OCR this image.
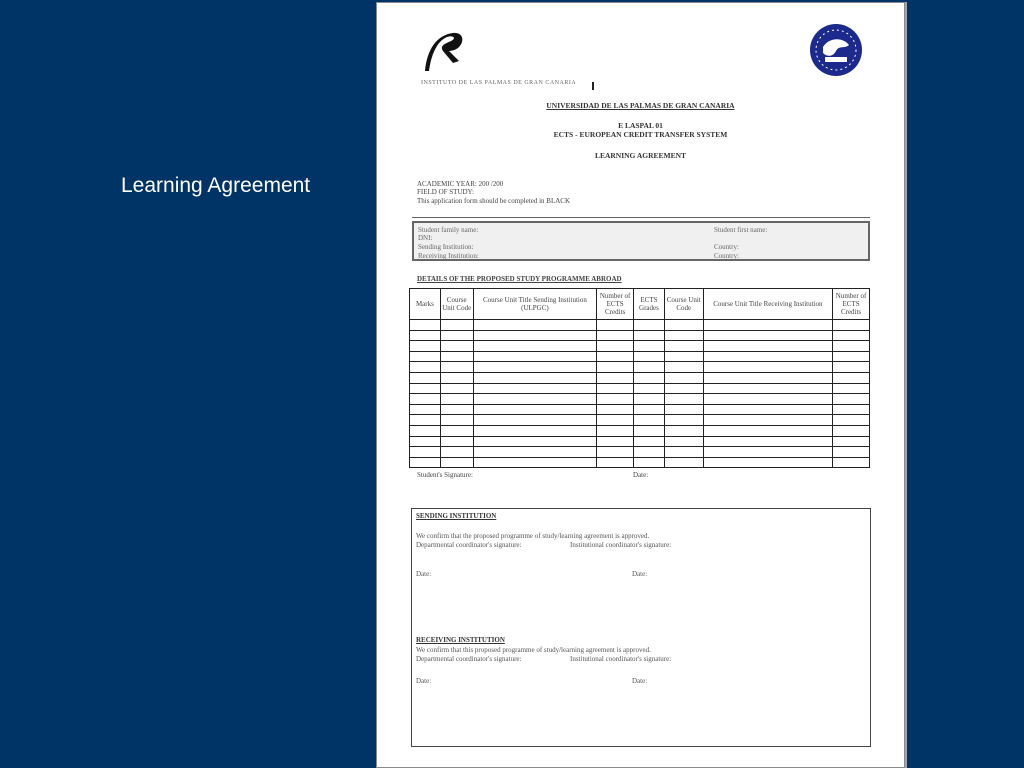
Learning Agreement
INSTITUTO DE LAS PALMAS DE GRAN CANARIA
UNIVERSIDAD DE LAS PALMAS DE GRAN CANARIA
E LASPAL 01
ECTS - EUROPEAN CREDIT TRANSFER SYSTEM
LEARNING AGREEMENT
ACADEMIC YEAR: 200 /200
FIELD OF STUDY:
This application form should be completed in BLACK
Student family name:	Student first name:
DNI:
Sending Institution:	Country:
Receiving Institution:	Country:
DETAILS OF THE PROPOSED STUDY PROGRAMME ABROAD
Marks	Course Unit Code	Course Unit Title Sending Institution (ULPGC)	Number of ECTS Credits	ECTS Grades	Course Unit Code	Course Unit Title Receiving Institution	Number of ECTS Credits

Student's Signature:	Date:
SENDING INSTITUTION
We confirm that the proposed programme of study/learning agreement is approved.
Departmental coordinator's signature:	Institutional coordinator's signature:
Date:	Date:
RECEIVING INSTITUTION
We confirm that this proposed programme of study/learning agreement is approved.
Departmental coordinator's signature:	Institutional coordinator's signature:
Date:	Date:
